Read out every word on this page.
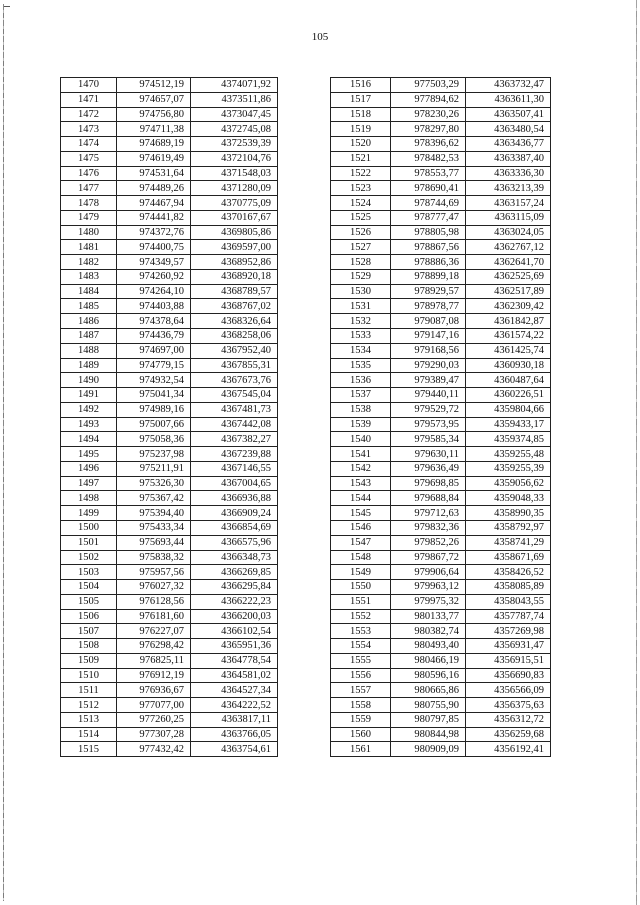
105
1470	974512,19	4374071,92
1471	974657,07	4373511,86
1472	974756,80	4373047,45
1473	974711,38	4372745,08
1474	974689,19	4372539,39
1475	974619,49	4372104,76
1476	974531,64	4371548,03
1477	974489,26	4371280,09
1478	974467,94	4370775,09
1479	974441,82	4370167,67
1480	974372,76	4369805,86
1481	974400,75	4369597,00
1482	974349,57	4368952,86
1483	974260,92	4368920,18
1484	974264,10	4368789,57
1485	974403,88	4368767,02
1486	974378,64	4368326,64
1487	974436,79	4368258,06
1488	974697,00	4367952,40
1489	974779,15	4367855,31
1490	974932,54	4367673,76
1491	975041,34	4367545,04
1492	974989,16	4367481,73
1493	975007,66	4367442,08
1494	975058,36	4367382,27
1495	975237,98	4367239,88
1496	975211,91	4367146,55
1497	975326,30	4367004,65
1498	975367,42	4366936,88
1499	975394,40	4366909,24
1500	975433,34	4366854,69
1501	975693,44	4366575,96
1502	975838,32	4366348,73
1503	975957,56	4366269,85
1504	976027,32	4366295,84
1505	976128,56	4366222,23
1506	976181,60	4366200,03
1507	976227,07	4366102,54
1508	976298,42	4365951,36
1509	976825,11	4364778,54
1510	976912,19	4364581,02
1511	976936,67	4364527,34
1512	977077,00	4364222,52
1513	977260,25	4363817,11
1514	977307,28	4363766,05
1515	977432,42	4363754,61
1516	977503,29	4363732,47
1517	977894,62	4363611,30
1518	978230,26	4363507,41
1519	978297,80	4363480,54
1520	978396,62	4363436,77
1521	978482,53	4363387,40
1522	978553,77	4363336,30
1523	978690,41	4363213,39
1524	978744,69	4363157,24
1525	978777,47	4363115,09
1526	978805,98	4363024,05
1527	978867,56	4362767,12
1528	978886,36	4362641,70
1529	978899,18	4362525,69
1530	978929,57	4362517,89
1531	978978,77	4362309,42
1532	979087,08	4361842,87
1533	979147,16	4361574,22
1534	979168,56	4361425,74
1535	979290,03	4360930,18
1536	979389,47	4360487,64
1537	979440,11	4360226,51
1538	979529,72	4359804,66
1539	979573,95	4359433,17
1540	979585,34	4359374,85
1541	979630,11	4359255,48
1542	979636,49	4359255,39
1543	979698,85	4359056,62
1544	979688,84	4359048,33
1545	979712,63	4358990,35
1546	979832,36	4358792,97
1547	979852,26	4358741,29
1548	979867,72	4358671,69
1549	979906,64	4358426,52
1550	979963,12	4358085,89
1551	979975,32	4358043,55
1552	980133,77	4357787,74
1553	980382,74	4357269,98
1554	980493,40	4356931,47
1555	980466,19	4356915,51
1556	980596,16	4356690,83
1557	980665,86	4356566,09
1558	980755,90	4356375,63
1559	980797,85	4356312,72
1560	980844,98	4356259,68
1561	980909,09	4356192,41
